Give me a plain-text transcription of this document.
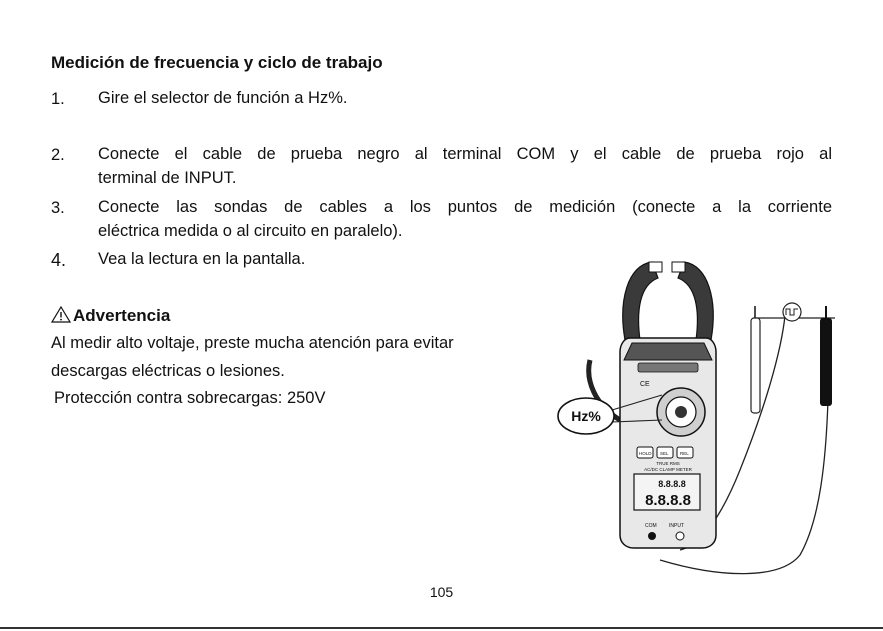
Medición de frecuencia y ciclo de trabajo
1. Gire el selector de función a Hz%.
2. Conecte el cable de prueba negro al terminal COM y el cable de prueba rojo al
terminal de INPUT.
3. Conecte las sondas de cables a los puntos de medición (conecte a la corriente
eléctrica medida o al circuito en paralelo).
4. Vea la lectura en la pantalla.
Advertencia
Al medir alto voltaje, preste mucha atención para evitar
descargas eléctricas o lesiones.
Protección contra sobrecargas: 250V
CE
HOLD SEL	REL
TRUE RMS
AC/DC CLAMP METER
8.8.8.8
8.8.8.8
COM INPUT
Hz%
105
